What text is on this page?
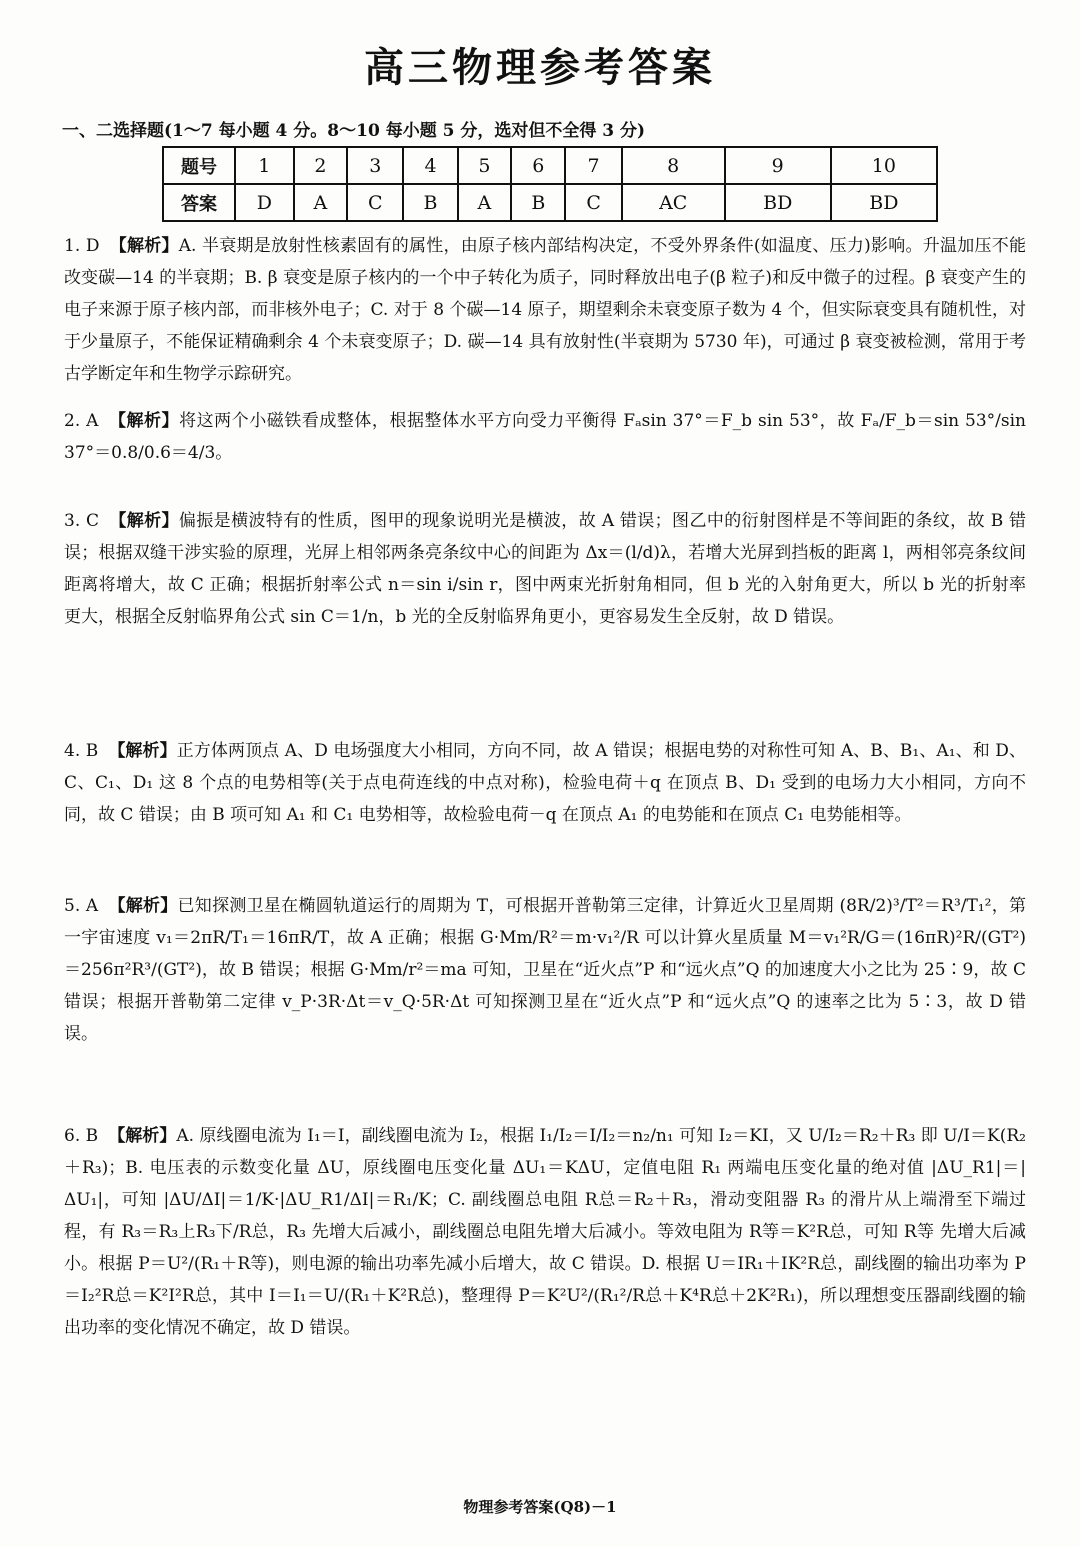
高三物理参考答案
一、二选择题(1～7 每小题 4 分。8～10 每小题 5 分，选对但不全得 3 分)
题号	1	2	3	4	5	6	7	8	9	10
答案	D	A	C	B	A	B	C	AC	BD	BD
1. D 【解析】A. 半衰期是放射性核素固有的属性，由原子核内部结构决定，不受外界条件(如温度、压力)影响。升温加压不能改变碳—14 的半衰期；B. β 衰变是原子核内的一个中子转化为质子，同时释放出电子(β 粒子)和反中微子的过程。β 衰变产生的电子来源于原子核内部，而非核外电子；C. 对于 8 个碳—14 原子，期望剩余未衰变原子数为 4 个，但实际衰变具有随机性，对于少量原子，不能保证精确剩余 4 个未衰变原子；D. 碳—14 具有放射性(半衰期为 5730 年)，可通过 β 衰变被检测，常用于考古学断定年和生物学示踪研究。
2. A 【解析】将这两个小磁铁看成整体，根据整体水平方向受力平衡得 Fₐsin 37°＝F_b sin 53°，故 Fₐ/F_b＝sin 53°/sin 37°＝0.8/0.6＝4/3。
3. C 【解析】偏振是横波特有的性质，图甲的现象说明光是横波，故 A 错误；图乙中的衍射图样是不等间距的条纹，故 B 错误；根据双缝干涉实验的原理，光屏上相邻两条亮条纹中心的间距为 Δx＝(l/d)λ，若增大光屏到挡板的距离 l，两相邻亮条纹间距离将增大，故 C 正确；根据折射率公式 n＝sin i/sin r，图中两束光折射角相同，但 b 光的入射角更大，所以 b 光的折射率更大，根据全反射临界角公式 sin C＝1/n，b 光的全反射临界角更小，更容易发生全反射，故 D 错误。
4. B 【解析】正方体两顶点 A、D 电场强度大小相同，方向不同，故 A 错误；根据电势的对称性可知 A、B、B₁、A₁、和 D、C、C₁、D₁ 这 8 个点的电势相等(关于点电荷连线的中点对称)，检验电荷＋q 在顶点 B、D₁ 受到的电场力大小相同，方向不同，故 C 错误；由 B 项可知 A₁ 和 C₁ 电势相等，故检验电荷－q 在顶点 A₁ 的电势能和在顶点 C₁ 电势能相等。
5. A 【解析】已知探测卫星在椭圆轨道运行的周期为 T，可根据开普勒第三定律，计算近火卫星周期 (8R/2)³/T²＝R³/T₁²，第一宇宙速度 v₁＝2πR/T₁＝16πR/T，故 A 正确；根据 G·Mm/R²＝m·v₁²/R 可以计算火星质量 M＝v₁²R/G＝(16πR)²R/(GT²)＝256π²R³/(GT²)，故 B 错误；根据 G·Mm/r²＝ma 可知，卫星在“近火点”P 和“远火点”Q 的加速度大小之比为 25∶9，故 C 错误；根据开普勒第二定律 v_P·3R·Δt＝v_Q·5R·Δt 可知探测卫星在“近火点”P 和“远火点”Q 的速率之比为 5∶3，故 D 错误。
6. B 【解析】A. 原线圈电流为 I₁＝I，副线圈电流为 I₂，根据 I₁/I₂＝I/I₂＝n₂/n₁ 可知 I₂＝KI，又 U/I₂＝R₂＋R₃ 即 U/I＝K(R₂＋R₃)；B. 电压表的示数变化量 ΔU，原线圈电压变化量 ΔU₁＝KΔU，定值电阻 R₁ 两端电压变化量的绝对值 |ΔU_R1|＝|ΔU₁|，可知 |ΔU/ΔI|＝1/K·|ΔU_R1/ΔI|＝R₁/K；C. 副线圈总电阻 R总＝R₂＋R₃，滑动变阻器 R₃ 的滑片从上端滑至下端过程，有 R₃＝R₃上R₃下/R总，R₃ 先增大后减小，副线圈总电阻先增大后减小。等效电阻为 R等＝K²R总，可知 R等 先增大后减小。根据 P＝U²/(R₁＋R等)，则电源的输出功率先减小后增大，故 C 错误。D. 根据 U＝IR₁＋IK²R总，副线圈的输出功率为 P＝I₂²R总＝K²I²R总，其中 I＝I₁＝U/(R₁＋K²R总)，整理得 P＝K²U²/(R₁²/R总＋K⁴R总＋2K²R₁)，所以理想变压器副线圈的输出功率的变化情况不确定，故 D 错误。
物理参考答案(Q8)－1
